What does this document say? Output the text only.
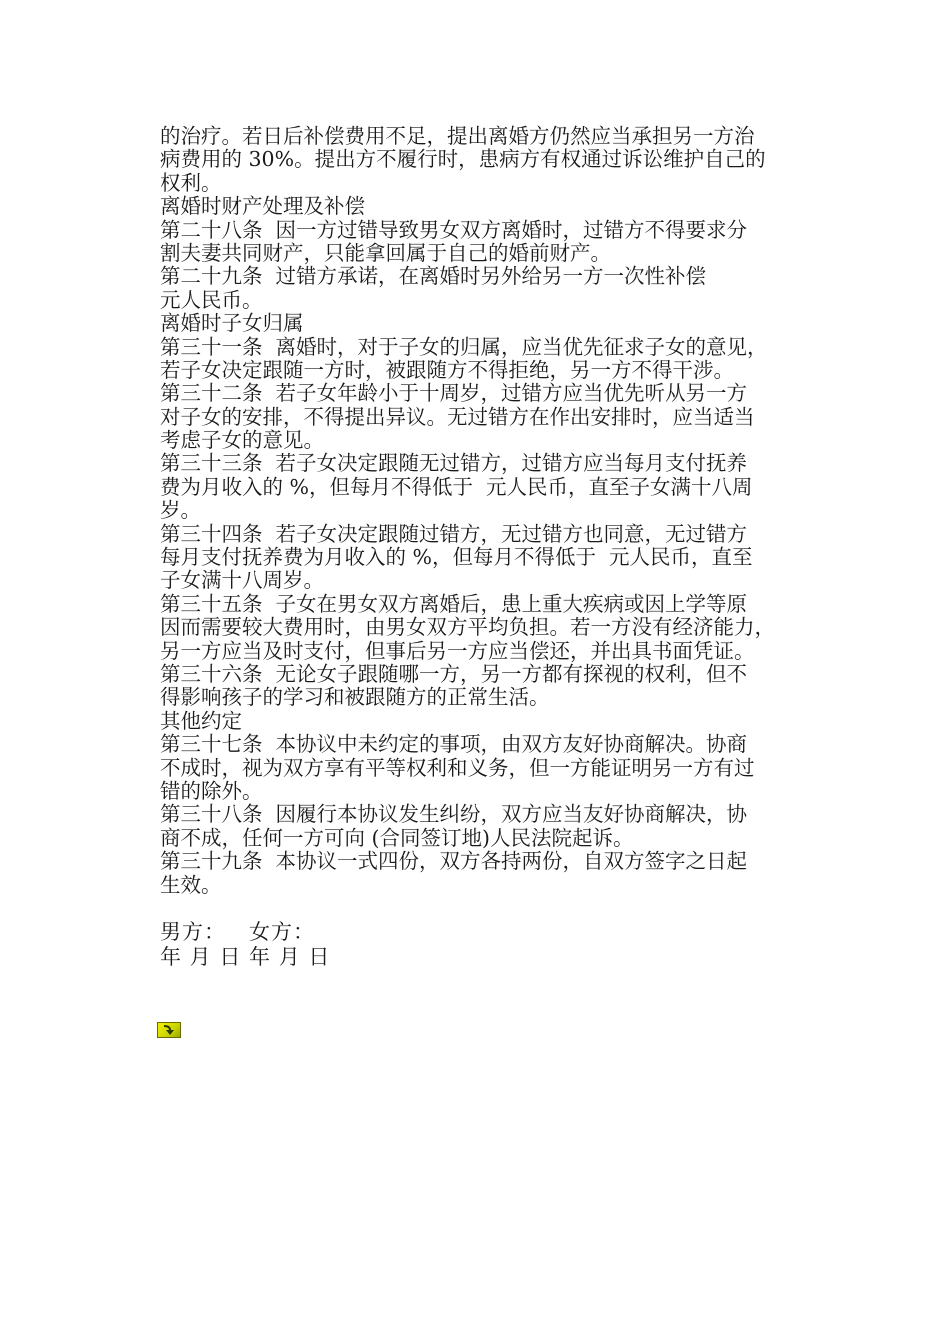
的治疗。若日后补偿费用不足，提出离婚方仍然应当承担另一方治
病费用的 30%。提出方不履行时，患病方有权通过诉讼维护自己的
权利。
离婚时财产处理及补偿
第二十八条  因一方过错导致男女双方离婚时，过错方不得要求分
割夫妻共同财产，只能拿回属于自己的婚前财产。
第二十九条  过错方承诺，在离婚时另外给另一方一次性补偿
元人民币。
离婚时子女归属
第三十一条  离婚时，对于子女的归属，应当优先征求子女的意见，
若子女决定跟随一方时，被跟随方不得拒绝，另一方不得干涉。
第三十二条  若子女年龄小于十周岁，过错方应当优先听从另一方
对子女的安排，不得提出异议。无过错方在作出安排时，应当适当
考虑子女的意见。
第三十三条  若子女决定跟随无过错方，过错方应当每月支付抚养
费为月收入的 %，但每月不得低于  元人民币，直至子女满十八周
岁。
第三十四条  若子女决定跟随过错方，无过错方也同意，无过错方
每月支付抚养费为月收入的 %，但每月不得低于  元人民币，直至
子女满十八周岁。
第三十五条  子女在男女双方离婚后，患上重大疾病或因上学等原
因而需要较大费用时，由男女双方平均负担。若一方没有经济能力，
另一方应当及时支付，但事后另一方应当偿还，并出具书面凭证。
第三十六条  无论女子跟随哪一方，另一方都有探视的权利，但不
得影响孩子的学习和被跟随方的正常生活。
其他约定
第三十七条  本协议中未约定的事项，由双方友好协商解决。协商
不成时，视为双方享有平等权利和义务，但一方能证明另一方有过
错的除外。
第三十八条  因履行本协议发生纠纷，双方应当友好协商解决，协
商不成，任何一方可向 (合同签订地)人民法院起诉。
第三十九条  本协议一式四份，双方各持两份，自双方签字之日起
生效。
男方：   女方：
年 月 日 年 月 日
